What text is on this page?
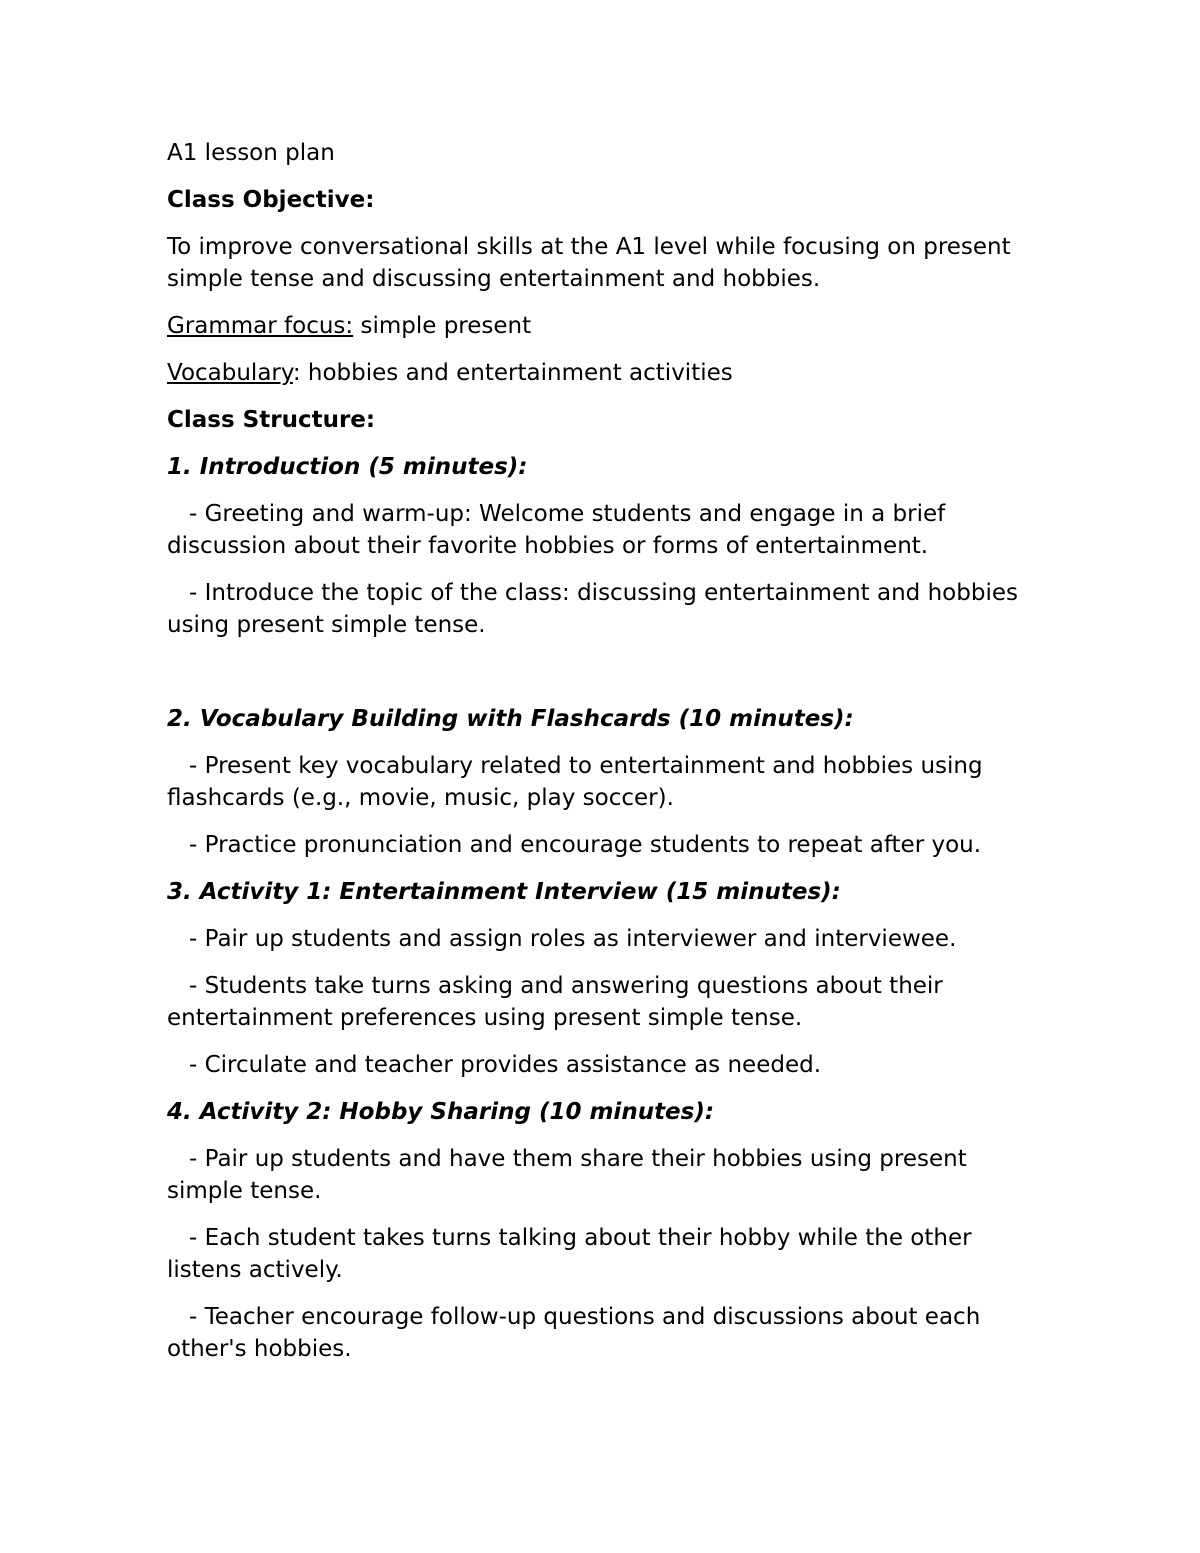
A1 lesson plan
Class Objective:
To improve conversational skills at the A1 level while focusing on present simple tense and discussing entertainment and hobbies.
Grammar focus: simple present
Vocabulary: hobbies and entertainment activities
Class Structure:
1. Introduction (5 minutes):
- Greeting and warm-up: Welcome students and engage in a brief discussion about their favorite hobbies or forms of entertainment.
- Introduce the topic of the class: discussing entertainment and hobbies using present simple tense.
2. Vocabulary Building with Flashcards (10 minutes):
- Present key vocabulary related to entertainment and hobbies using flashcards (e.g., movie, music, play soccer).
- Practice pronunciation and encourage students to repeat after you.
3. Activity 1: Entertainment Interview (15 minutes):
- Pair up students and assign roles as interviewer and interviewee.
- Students take turns asking and answering questions about their entertainment preferences using present simple tense.
- Circulate and teacher provides assistance as needed.
4. Activity 2: Hobby Sharing (10 minutes):
- Pair up students and have them share their hobbies using present simple tense.
- Each student takes turns talking about their hobby while the other listens actively.
- Teacher encourage follow-up questions and discussions about each other's hobbies.
